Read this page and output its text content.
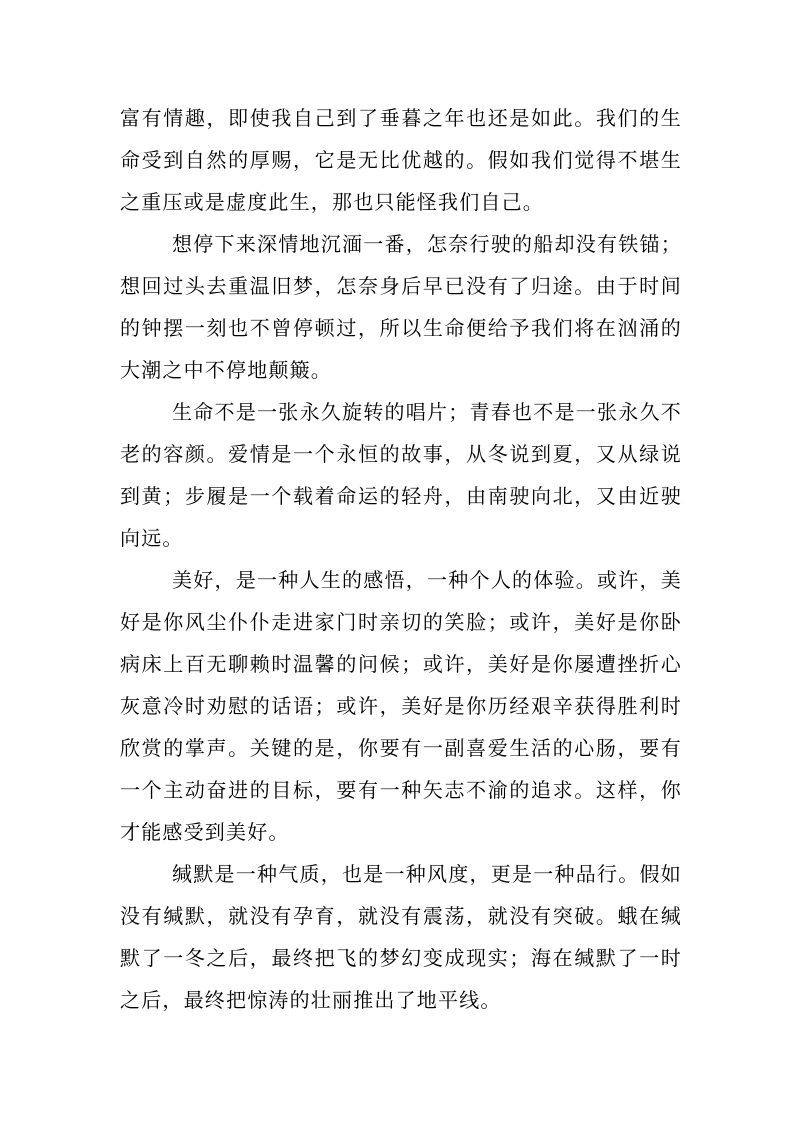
富有情趣，即使我自己到了垂暮之年也还是如此。我们的生命受到自然的厚赐，它是无比优越的。假如我们觉得不堪生之重压或是虚度此生，那也只能怪我们自己。

想停下来深情地沉湎一番，怎奈行驶的船却没有铁锚；想回过头去重温旧梦，怎奈身后早已没有了归途。由于时间的钟摆一刻也不曾停顿过，所以生命便给予我们将在汹涌的大潮之中不停地颠簸。

生命不是一张永久旋转的唱片；青春也不是一张永久不老的容颜。爱情是一个永恒的故事，从冬说到夏，又从绿说到黄；步履是一个载着命运的轻舟，由南驶向北，又由近驶向远。

美好，是一种人生的感悟，一种个人的体验。或许，美好是你风尘仆仆走进家门时亲切的笑脸；或许，美好是你卧病床上百无聊赖时温馨的问候；或许，美好是你屡遭挫折心灰意冷时劝慰的话语；或许，美好是你历经艰辛获得胜利时欣赏的掌声。关键的是，你要有一副喜爱生活的心肠，要有一个主动奋进的目标，要有一种矢志不渝的追求。这样，你才能感受到美好。

缄默是一种气质，也是一种风度，更是一种品行。假如没有缄默，就没有孕育，就没有震荡，就没有突破。蛾在缄默了一冬之后，最终把飞的梦幻变成现实；海在缄默了一时之后，最终把惊涛的壮丽推出了地平线。
